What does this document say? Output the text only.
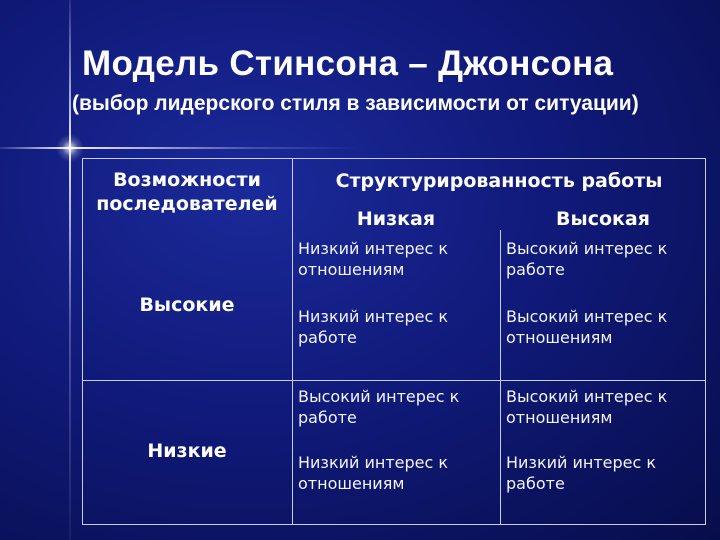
Модель Стинсона – Джонсона
(выбор лидерского стиля в зависимости от ситуации)
Возможности
последователей
Структурированность работы
Низкая	Высокая
Высокие
Низкий интерес к отношениям
Низкий интерес к работе
Высокий интерес к работе
Высокий интерес к отношениям
Низкие
Высокий интерес к работе
Низкий интерес к отношениям
Высокий интерес к отношениям
Низкий интерес к работе
